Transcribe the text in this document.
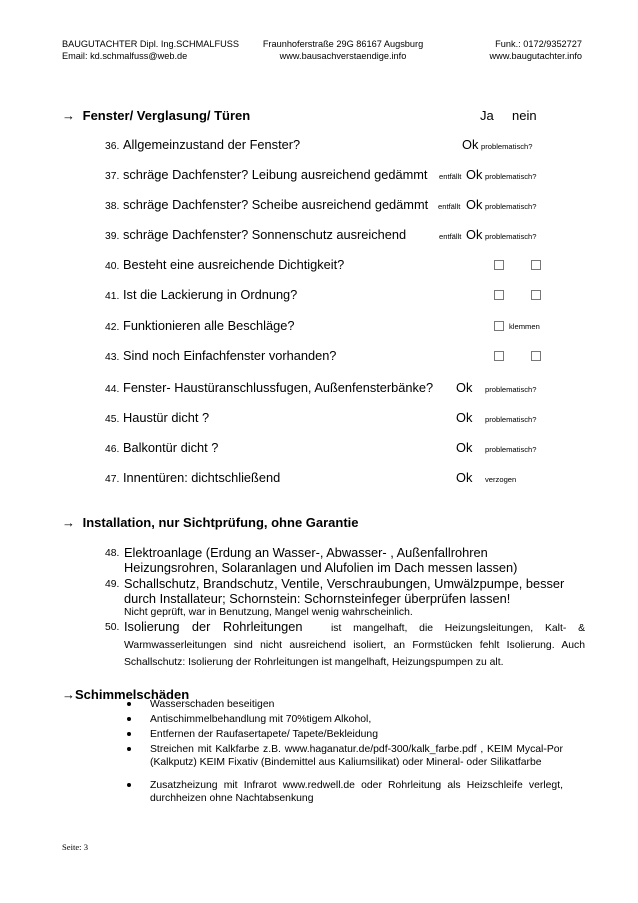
BAUGUTACHTER Dipl. Ing.SCHMALFUSS
Email: kd.schmalfuss@web.de
Fraunhoferstraße 29G 86167 Augsburg
www.bausachverstaendige.info
Funk.: 0172/9352727
www.baugutachter.info
→ Fenster/ Verglasung/ Türen	Ja nein
36. Allgemeinzustand der Fenster?	Ok problematisch?
37. schräge Dachfenster? Leibung ausreichend gedämmt entfällt Ok problematisch?
38. schräge Dachfenster? Scheibe ausreichend gedämmt entfällt Ok problematisch?
39. schräge Dachfenster? Sonnenschutz ausreichend	entfällt Ok problematisch?
40. Besteht eine ausreichende Dichtigkeit?
41. Ist die Lackierung in Ordnung?
42. Funktionieren alle Beschläge?	klemmen
43. Sind noch Einfachfenster vorhanden?
44. Fenster- Haustüranschlussfugen, Außenfensterbänke? Ok problematisch?
45. Haustür dicht ?	Ok problematisch?
46. Balkontür dicht ?	Ok problematisch?
47. Innentüren: dichtschließend	Ok verzogen
→ Installation, nur Sichtprüfung, ohne Garantie
48. Elektroanlage (Erdung an Wasser-, Abwasser- , Außenfallrohren Heizungsrohren, Solaranlagen und Alufolien im Dach messen lassen)
49. Schallschutz, Brandschutz, Ventile, Verschraubungen, Umwälzpumpe, besser durch Installateur; Schornstein: Schornsteinfeger überprüfen lassen!
Nicht geprüft, war in Benutzung, Mangel wenig wahrscheinlich.
50. Isolierung der Rohrleitungen	ist mangelhaft, die Heizungsleitungen, Kalt- & Warmwasserleitungen sind nicht ausreichend isoliert, an Formstücken fehlt Isolierung. Auch Schallschutz: Isolierung der Rohrleitungen ist mangelhaft, Heizungspumpen zu alt.
→Schimmelschäden
Wasserschaden beseitigen
Antischimmelbehandlung mit 70%tigem Alkohol,
Entfernen der Raufasertapete/ Tapete/Bekleidung
Streichen mit Kalkfarbe z.B. www.haganatur.de/pdf-300/kalk_farbe.pdf , KEIM Mycal-Por (Kalkputz) KEIM Fixativ (Bindemittel aus Kaliumsilikat) oder Mineral- oder Silikatfarbe
Zusatzheizung mit Infrarot www.redwell.de oder Rohrleitung als Heizschleife verlegt, durchheizen ohne Nachtabsenkung
Seite: 3
